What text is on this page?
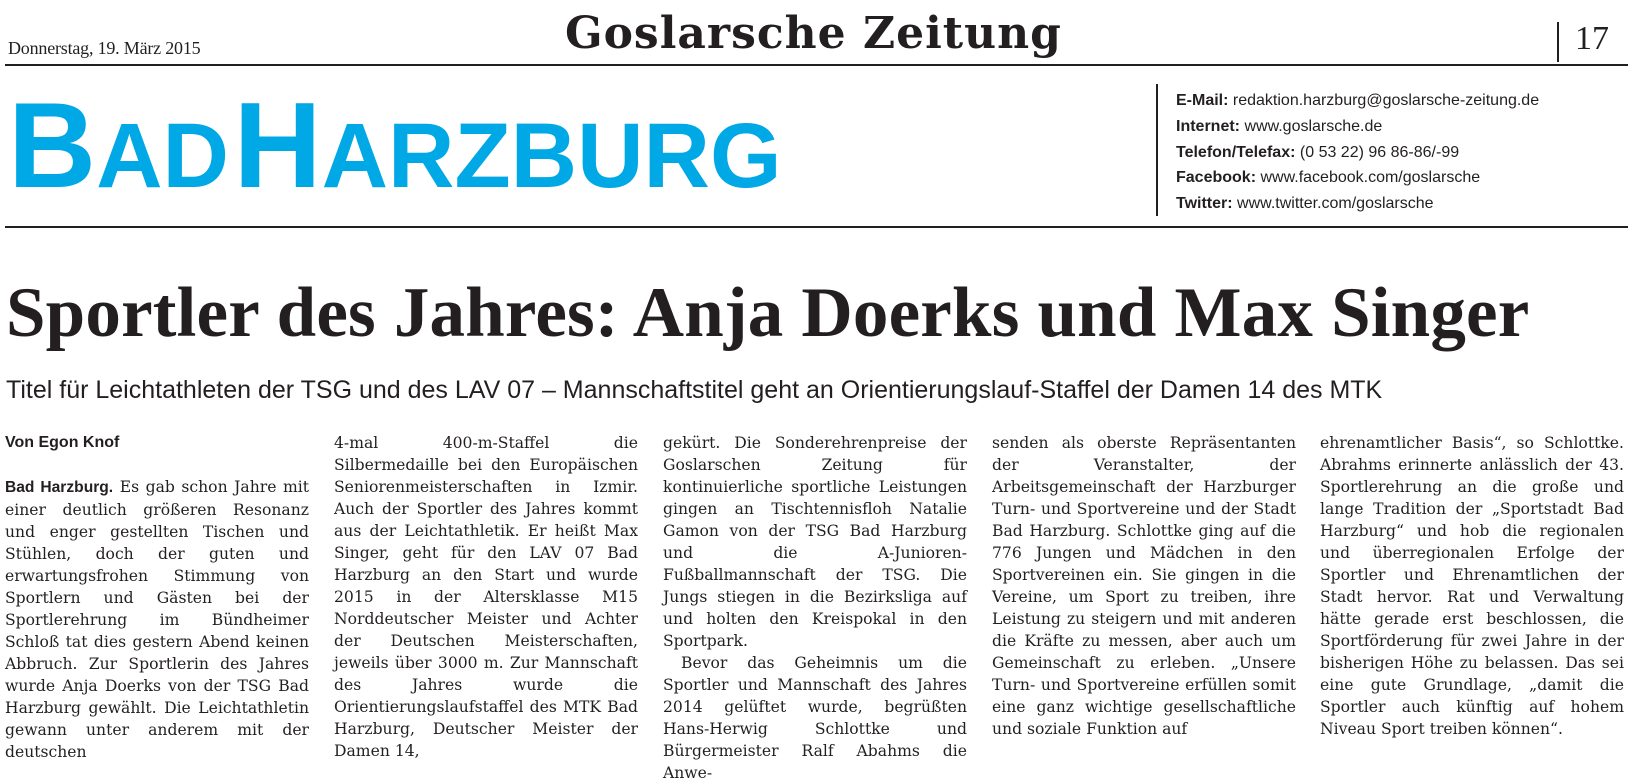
Donnerstag, 19. März 2015	Goslarsche Zeitung	17
BAD HARZBURG
E-Mail: redaktion.harzburg@goslarsche-zeitung.de
Internet: www.goslarsche.de
Telefon/Telefax: (0 53 22) 96 86-86/-99
Facebook: www.facebook.com/goslarsche
Twitter: www.twitter.com/goslarsche
Sportler des Jahres: Anja Doerks und Max Singer
Titel für Leichtathleten der TSG und des LAV 07 – Mannschaftstitel geht an Orientierungslauf-Staffel der Damen 14 des MTK

Von Egon Knof

Bad Harzburg. Es gab schon Jahre mit einer deutlich größeren Resonanz und enger gestellten Tischen und Stühlen, doch der guten und erwartungsfrohen Stimmung von Sportlern und Gästen bei der Sportlerehrung im Bündheimer Schloß tat dies gestern Abend keinen Abbruch. Zur Sportlerin des Jahres wurde Anja Doerks von der TSG Bad Harzburg gewählt. Die Leichtathletin gewann unter anderem mit der deutschen

4-mal 400-m-Staffel die Silbermedaille bei den Europäischen Seniorenmeisterschaften in Izmir. Auch der Sportler des Jahres kommt aus der Leichtathletik. Er heißt Max Singer, geht für den LAV 07 Bad Harzburg an den Start und wurde 2015 in der Altersklasse M15 Norddeutscher Meister und Achter der Deutschen Meisterschaften, jeweils über 3000 m. Zur Mannschaft des Jahres wurde die Orientierungslaufstaffel des MTK Bad Harzburg, Deutscher Meister der Damen 14,

gekürt. Die Sonderehrenpreise der Goslarschen Zeitung für kontinuierliche sportliche Leistungen gingen an Tischtennisfloh Natalie Gamon von der TSG Bad Harzburg und die A-Junioren-Fußballmannschaft der TSG. Die Jungs stiegen in die Bezirksliga auf und holten den Kreispokal in den Sportpark.

Bevor das Geheimnis um die Sportler und Mannschaft des Jahres 2014 gelüftet wurde, begrüßten Hans-Herwig Schlottke und Bürgermeister Ralf Abahms die Anwe-

senden als oberste Repräsentanten der Veranstalter, der Arbeitsgemeinschaft der Harzburger Turn- und Sportvereine und der Stadt Bad Harzburg. Schlottke ging auf die 776 Jungen und Mädchen in den Sportvereinen ein. Sie gingen in die Vereine, um Sport zu treiben, ihre Leistung zu steigern und mit anderen die Kräfte zu messen, aber auch um Gemeinschaft zu erleben. „Unsere Turn- und Sportvereine erfüllen somit eine ganz wichtige gesellschaftliche und soziale Funktion auf

ehrenamtlicher Basis“, so Schlottke. Abrahms erinnerte anlässlich der 43. Sportlerehrung an die große und lange Tradition der „Sportstadt Bad Harzburg“ und hob die regionalen und überregionalen Erfolge der Sportler und Ehrenamtlichen der Stadt hervor. Rat und Verwaltung hätte gerade erst beschlossen, die Sportförderung für zwei Jahre in der bisherigen Höhe zu belassen. Das sei eine gute Grundlage, „damit die Sportler auch künftig auf hohem Niveau Sport treiben können“.
